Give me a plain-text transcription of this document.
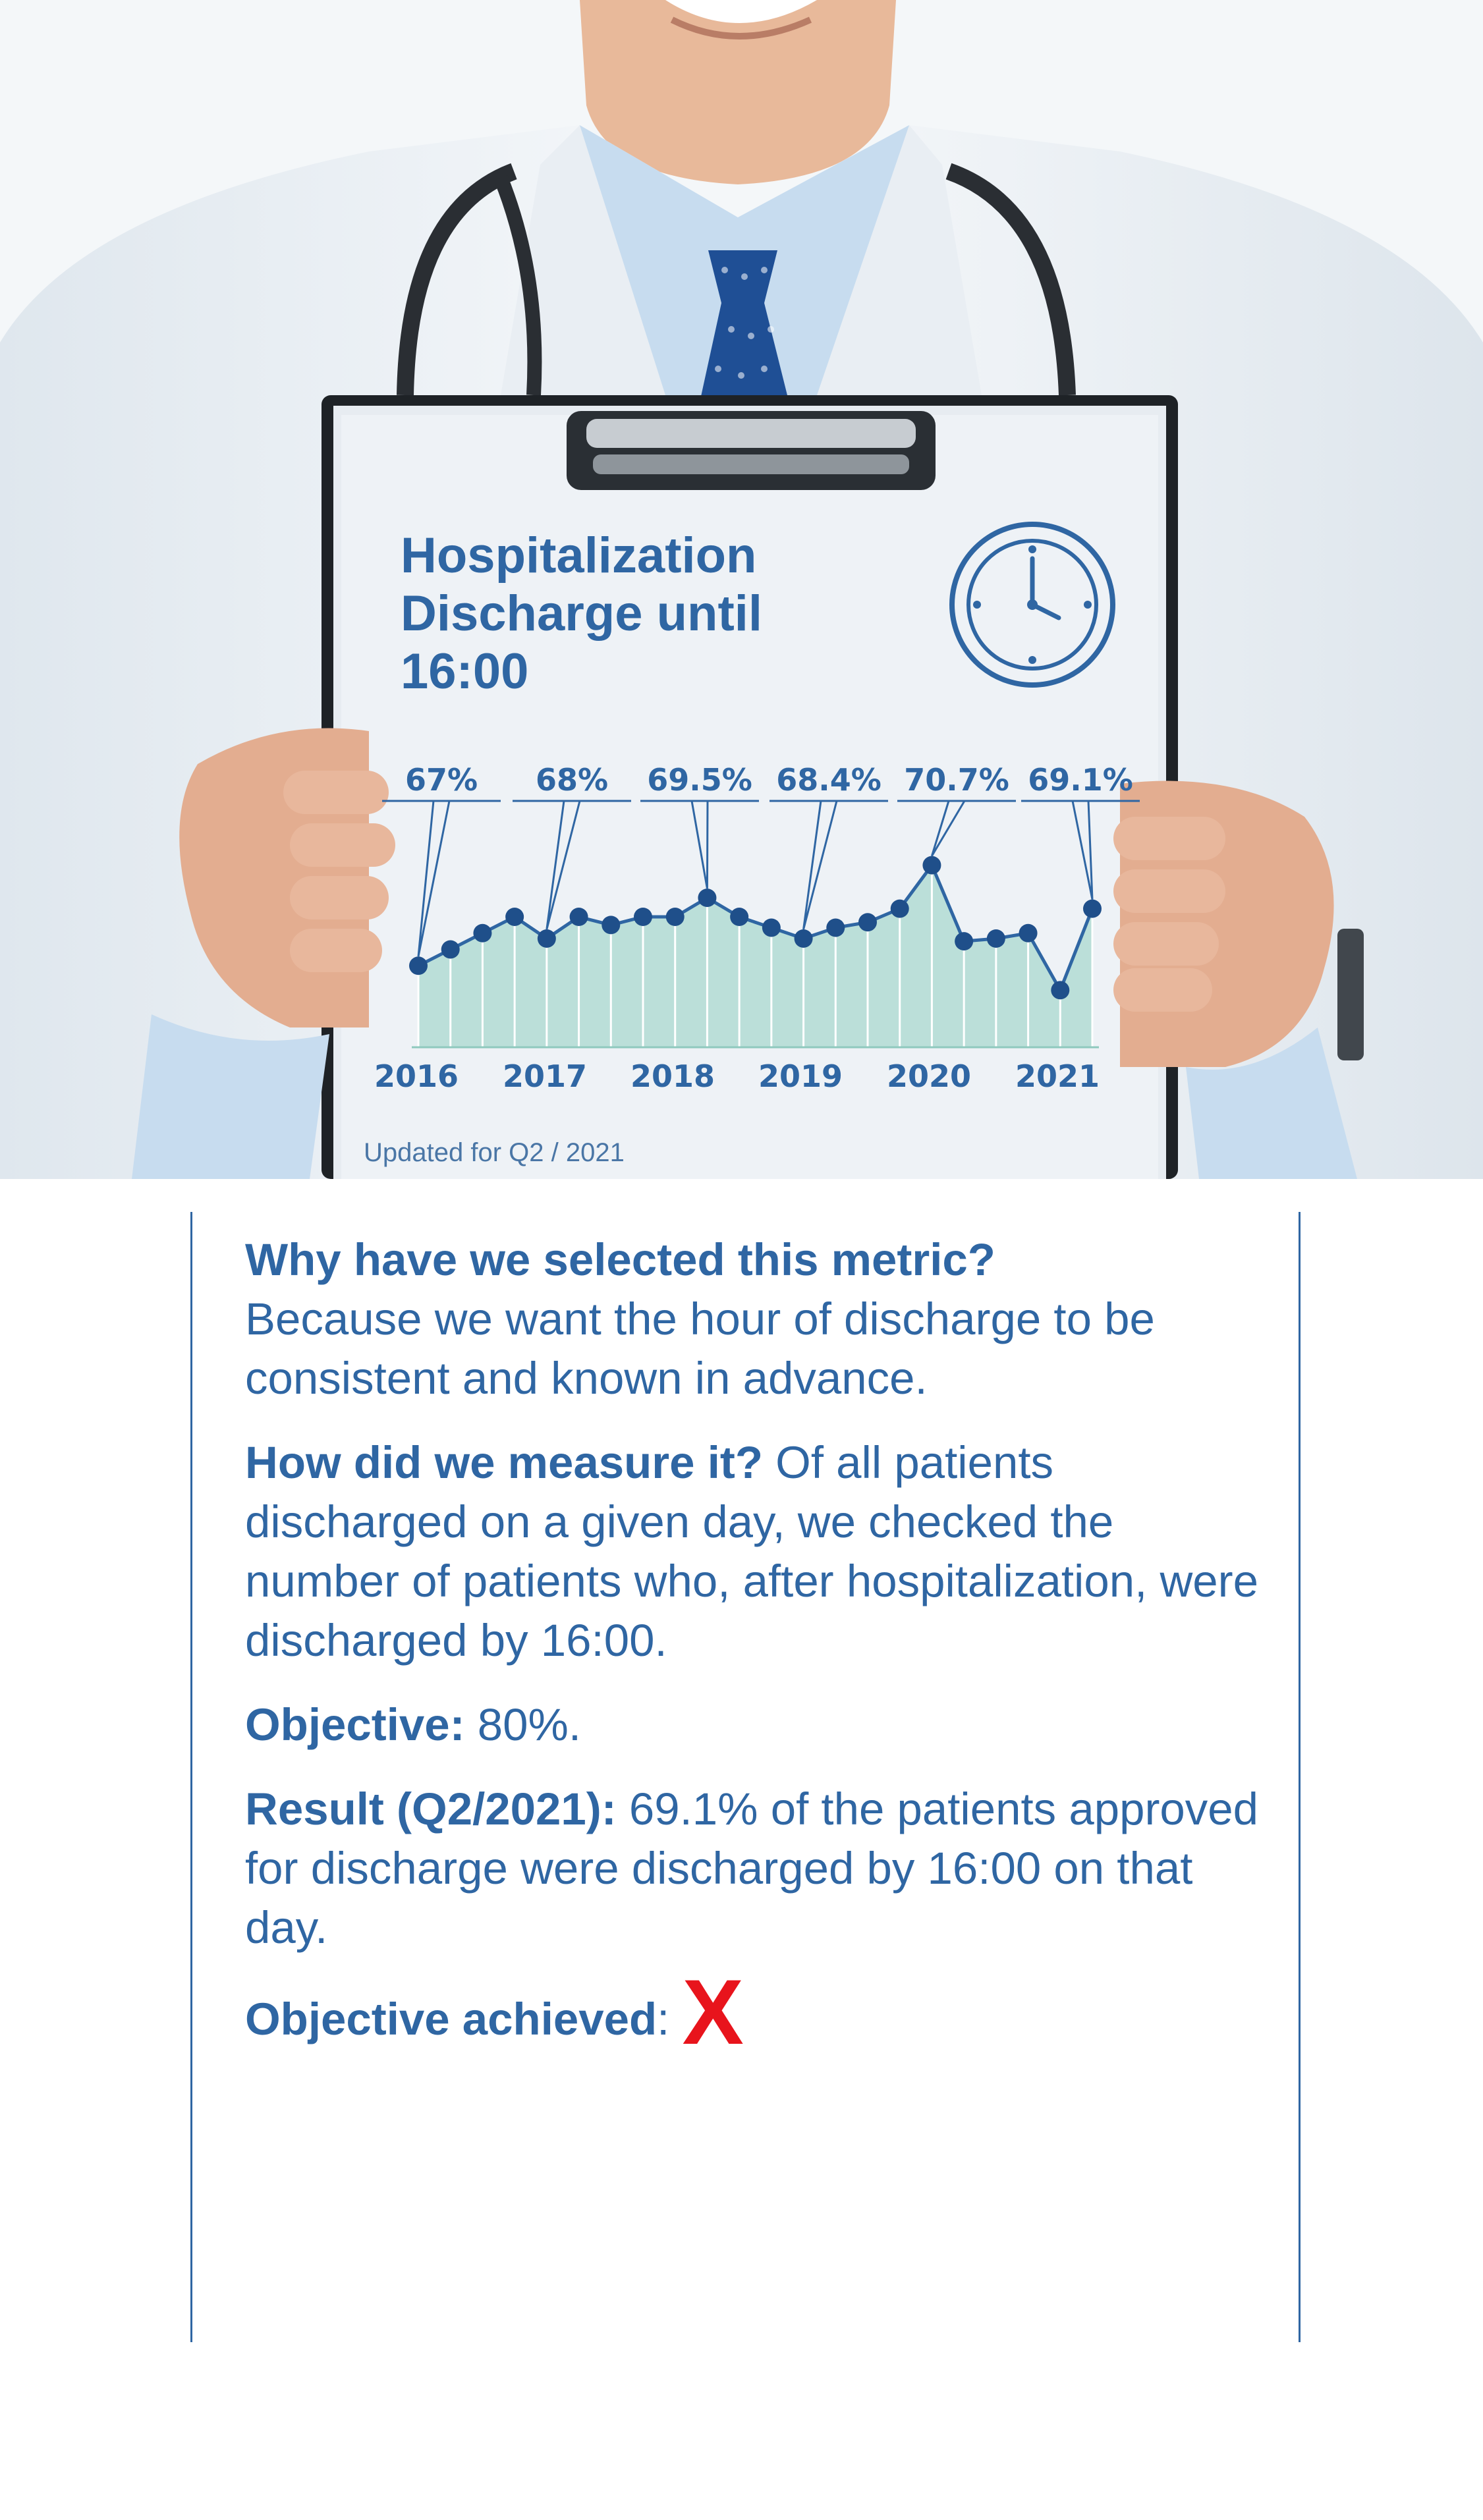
67% 68% 69.5% 68.4% 70.7% 69.1%
2016 2017 2018 2019 2020 2021
Hospitalization
Discharge until
16:00
Updated for Q2 / 2021

Why have we selected this metric?
Because we want the hour of discharge to be consistent and known in advance.

How did we measure it? Of all patients discharged on a given day, we checked the number of patients who, after hospitalization, were discharged by 16:00.

Objective: 80%.

Result (Q2/2021): 69.1% of the patients approved for discharge were discharged by 16:00 on that day.

Objective achieved: X
